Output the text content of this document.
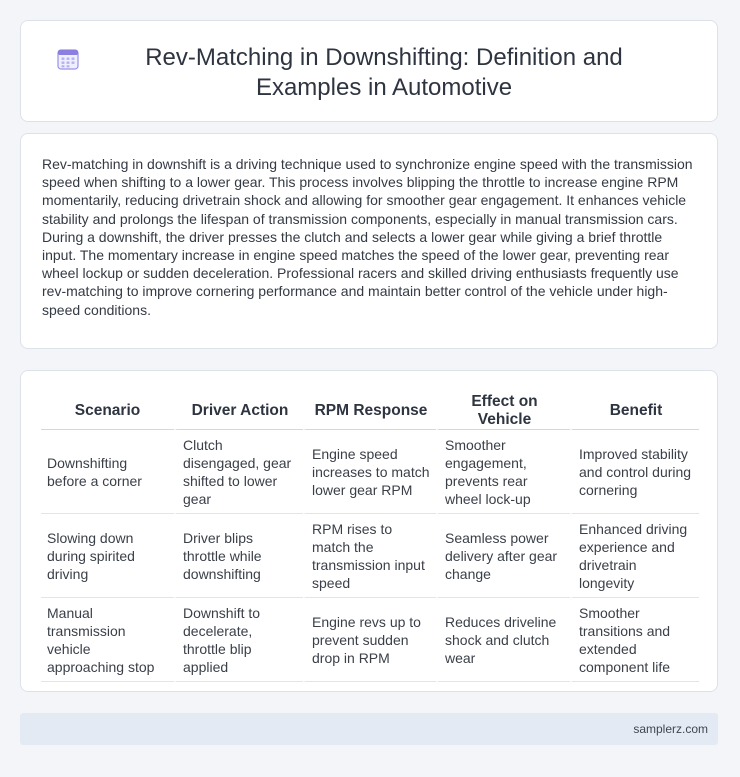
Rev-Matching in Downshifting: Definition and Examples in Automotive

Rev-matching in downshift is a driving technique used to synchronize engine speed with the transmission speed when shifting to a lower gear. This process involves blipping the throttle to increase engine RPM momentarily, reducing drivetrain shock and allowing for smoother gear engagement. It enhances vehicle stability and prolongs the lifespan of transmission components, especially in manual transmission cars. During a downshift, the driver presses the clutch and selects a lower gear while giving a brief throttle input. The momentary increase in engine speed matches the speed of the lower gear, preventing rear wheel lockup or sudden deceleration. Professional racers and skilled driving enthusiasts frequently use rev-matching to improve cornering performance and maintain better control of the vehicle under high-speed conditions.

Scenario	Driver Action	RPM Response	Effect on Vehicle	Benefit
Downshifting before a corner	Clutch disengaged, gear shifted to lower gear	Engine speed increases to match lower gear RPM	Smoother engagement, prevents rear wheel lock-up	Improved stability and control during cornering
Slowing down during spirited driving	Driver blips throttle while downshifting	RPM rises to match the transmission input speed	Seamless power delivery after gear change	Enhanced driving experience and drivetrain longevity
Manual transmission vehicle approaching stop	Downshift to decelerate, throttle blip applied	Engine revs up to prevent sudden drop in RPM	Reduces driveline shock and clutch wear	Smoother transitions and extended component life
samplerz.com
